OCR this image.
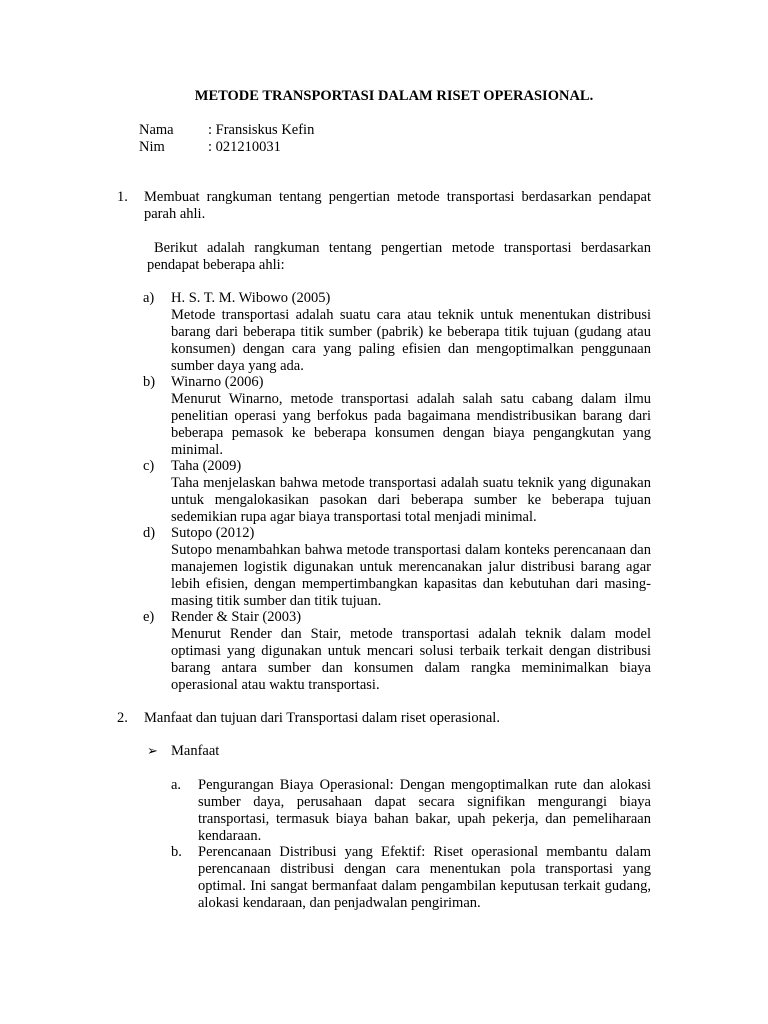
METODE TRANSPORTASI DALAM RISET OPERASIONAL.
Nama : Fransiskus Kefin
Nim	: 021210031
1. Membuat rangkuman tentang pengertian metode transportasi berdasarkan pendapat parah ahli.
Berikut adalah rangkuman tentang pengertian metode transportasi berdasarkan pendapat beberapa ahli:
a)	H. S. T. M. Wibowo (2005)
Metode transportasi adalah suatu cara atau teknik untuk menentukan distribusi barang dari beberapa titik sumber (pabrik) ke beberapa titik tujuan (gudang atau konsumen) dengan cara yang paling efisien dan mengoptimalkan penggunaan sumber daya yang ada.
b)	Winarno (2006)
Menurut Winarno, metode transportasi adalah salah satu cabang dalam ilmu penelitian operasi yang berfokus pada bagaimana mendistribusikan barang dari beberapa pemasok ke beberapa konsumen dengan biaya pengangkutan yang minimal.
c)	Taha (2009)
Taha menjelaskan bahwa metode transportasi adalah suatu teknik yang digunakan untuk mengalokasikan pasokan dari beberapa sumber ke beberapa tujuan sedemikian rupa agar biaya transportasi total menjadi minimal.
d)	Sutopo (2012)
Sutopo menambahkan bahwa metode transportasi dalam konteks perencanaan dan manajemen logistik digunakan untuk merencanakan jalur distribusi barang agar lebih efisien, dengan mempertimbangkan kapasitas dan kebutuhan dari masing-masing titik sumber dan titik tujuan.
e)	Render & Stair (2003)
Menurut Render dan Stair, metode transportasi adalah teknik dalam model optimasi yang digunakan untuk mencari solusi terbaik terkait dengan distribusi barang antara sumber dan konsumen dalam rangka meminimalkan biaya operasional atau waktu transportasi.
2. Manfaat dan tujuan dari Transportasi dalam riset operasional.
➢ Manfaat
a.	Pengurangan Biaya Operasional: Dengan mengoptimalkan rute dan alokasi sumber daya, perusahaan dapat secara signifikan mengurangi biaya transportasi, termasuk biaya bahan bakar, upah pekerja, dan pemeliharaan kendaraan.
b.	Perencanaan Distribusi yang Efektif: Riset operasional membantu dalam perencanaan distribusi dengan cara menentukan pola transportasi yang optimal. Ini sangat bermanfaat dalam pengambilan keputusan terkait gudang, alokasi kendaraan, dan penjadwalan pengiriman.
